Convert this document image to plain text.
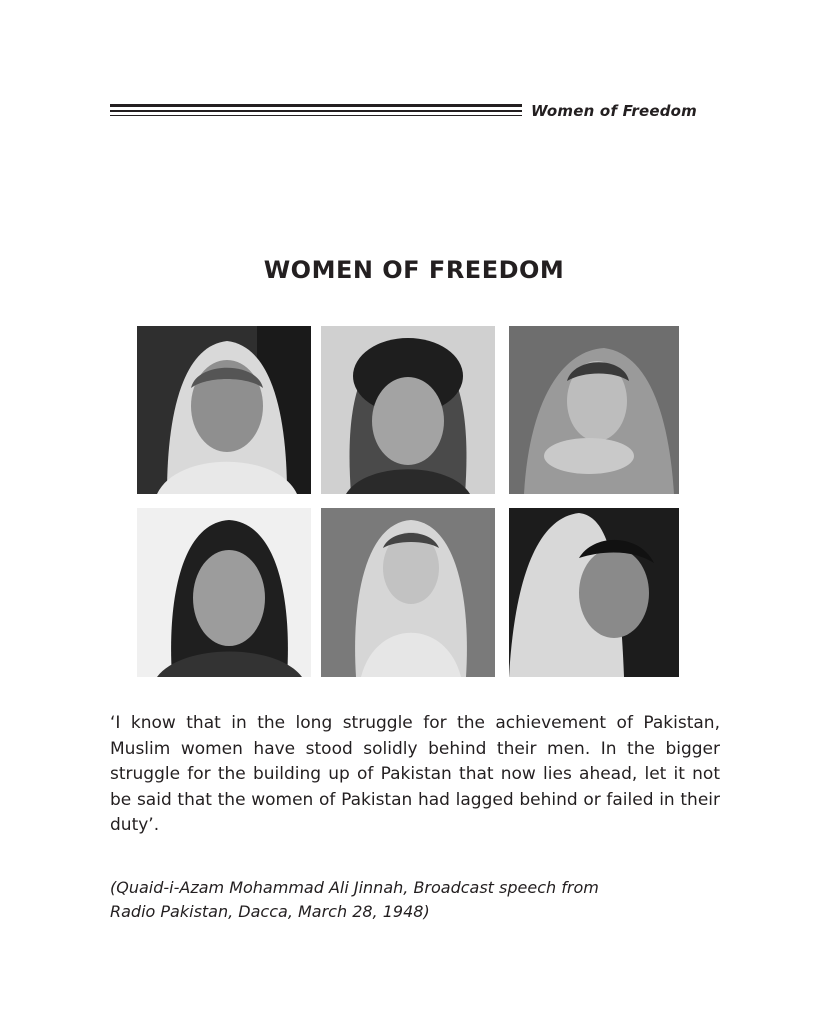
Women of Freedom
WOMEN OF FREEDOM

‘I know that in the long struggle for the achievement of Pakistan, Muslim women have stood solidly behind their men. In the bigger struggle for the building up of Pakistan that now lies ahead, let it not be said that the women of Pakistan had lagged behind or failed in their duty’.

(Quaid-i-Azam Mohammad Ali Jinnah, Broadcast speech from
Radio Pakistan, Dacca, March 28, 1948)
